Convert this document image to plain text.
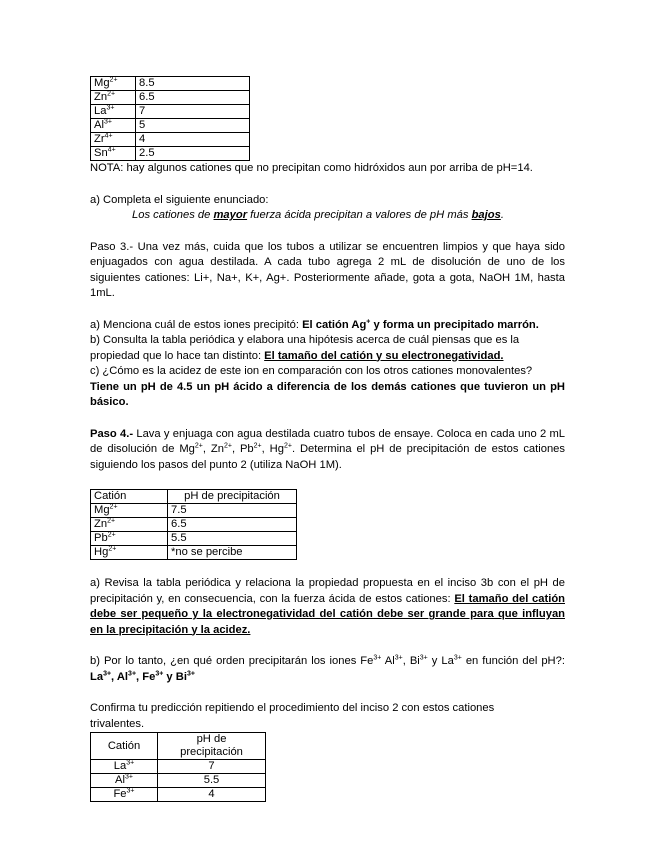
$Mg^{2+}$	8.5
$Zn^{2+}$	6.5
$La^{3+}$	7
$Al^{3+}$	5
$Zr^{4+}$	4
$Sn^{4+}$	2.5

NOTA: hay algunos cationes que no precipitan como hidróxidos aun por arriba de pH=14.

a) Completa el siguiente enunciado:

Los cationes de mayor fuerza ácida precipitan a valores de pH más bajos.

Paso 3.- Una vez más, cuida que los tubos a utilizar se encuentren limpios y que haya sido enjuagados con agua destilada. A cada tubo agrega 2 mL de disolución de uno de los siguientes cationes: Li+, Na+, K+, Ag+. Posteriormente añade, gota a gota, NaOH 1M, hasta 1mL.

a) Menciona cuál de estos iones precipitó: El catión Ag+ y forma un precipitado marrón.

b) Consulta la tabla periódica y elabora una hipótesis acerca de cuál piensas que es la propiedad que lo hace tan distinto: El tamaño del catión y su electronegatividad.

c) ¿Cómo es la acidez de este ion en comparación con los otros cationes monovalentes?

Tiene un pH de 4.5 un pH ácido a diferencia de los demás cationes que tuvieron un pH básico.

Paso 4.- Lava y enjuaga con agua destilada cuatro tubos de ensaye. Coloca en cada uno 2 mL de disolución de $Mg^{2+}$, $Zn^{2+}$, $Pb^{2+}$, $Hg^{2+}$. Determina el pH de precipitación de estos cationes siguiendo los pasos del punto 2 (utiliza NaOH 1M).

Catión	pH de precipitación
$Mg^{2+}$	7.5
$Zn^{2+}$	6.5
$Pb^{2+}$	5.5
$Hg^{2+}$	*no se percibe

a) Revisa la tabla periódica y relaciona la propiedad propuesta en el inciso 3b con el pH de precipitación y, en consecuencia, con la fuerza ácida de estos cationes: El tamaño del catión debe ser pequeño y la electronegatividad del catión debe ser grande para que influyan en la precipitación y la acidez.

b) Por lo tanto, ¿en qué orden precipitarán los iones $Fe^{3+}$ $Al^{3+}$, $Bi^{3+}$ y $La^{3+}$ en función del pH?: $La^{3+}$, $Al^{3+}$, $Fe^{3+}$ y $Bi^{3+}$

Confirma tu predicción repitiendo el procedimiento del inciso 2 con estos cationes trivalentes.

Catión	pH de
precipitación
$La^{3+}$	7
$Al^{3+}$	5.5
$Fe^{3+}$	4
